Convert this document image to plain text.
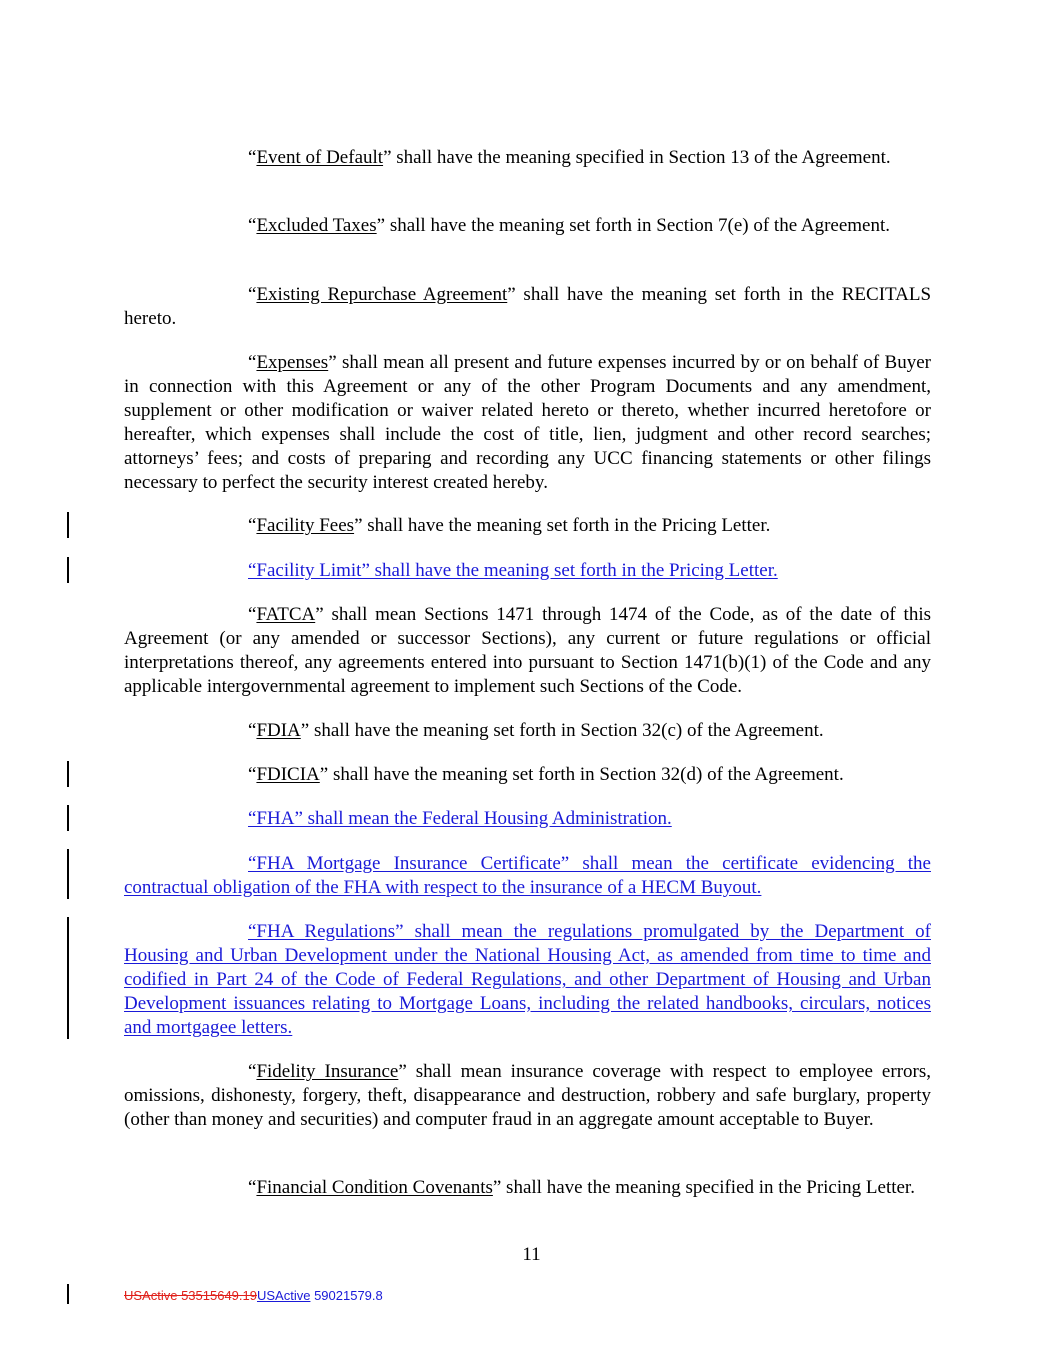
“Event of Default” shall have the meaning specified in Section 13 of the Agreement.

“Excluded Taxes” shall have the meaning set forth in Section 7(e) of the Agreement.

“Existing Repurchase Agreement” shall have the meaning set forth in the RECITALS hereto.

“Expenses” shall mean all present and future expenses incurred by or on behalf of Buyer in connection with this Agreement or any of the other Program Documents and any amendment, supplement or other modification or waiver related hereto or thereto, whether incurred heretofore or hereafter, which expenses shall include the cost of title, lien, judgment and other record searches; attorneys’ fees; and costs of preparing and recording any UCC financing statements or other filings necessary to perfect the security interest created hereby.

“Facility Fees” shall have the meaning set forth in the Pricing Letter.

“Facility Limit” shall have the meaning set forth in the Pricing Letter.

“FATCA” shall mean Sections 1471 through 1474 of the Code, as of the date of this Agreement (or any amended or successor Sections), any current or future regulations or official interpretations thereof, any agreements entered into pursuant to Section 1471(b)(1) of the Code and any applicable intergovernmental agreement to implement such Sections of the Code.

“FDIA” shall have the meaning set forth in Section 32(c) of the Agreement.

“FDICIA” shall have the meaning set forth in Section 32(d) of the Agreement.

“FHA” shall mean the Federal Housing Administration.

“FHA Mortgage Insurance Certificate” shall mean the certificate evidencing the contractual obligation of the FHA with respect to the insurance of a HECM Buyout.

“FHA Regulations” shall mean the regulations promulgated by the Department of Housing and Urban Development under the National Housing Act, as amended from time to time and codified in Part 24 of the Code of Federal Regulations, and other Department of Housing and Urban Development issuances relating to Mortgage Loans, including the related handbooks, circulars, notices and mortgagee letters.

“Fidelity Insurance” shall mean insurance coverage with respect to employee errors, omissions, dishonesty, forgery, theft, disappearance and destruction, robbery and safe burglary, property (other than money and securities) and computer fraud in an aggregate amount acceptable to Buyer.

“Financial Condition Covenants” shall have the meaning specified in the Pricing Letter.

11
USActive 53515649.19USActive 59021579.8
